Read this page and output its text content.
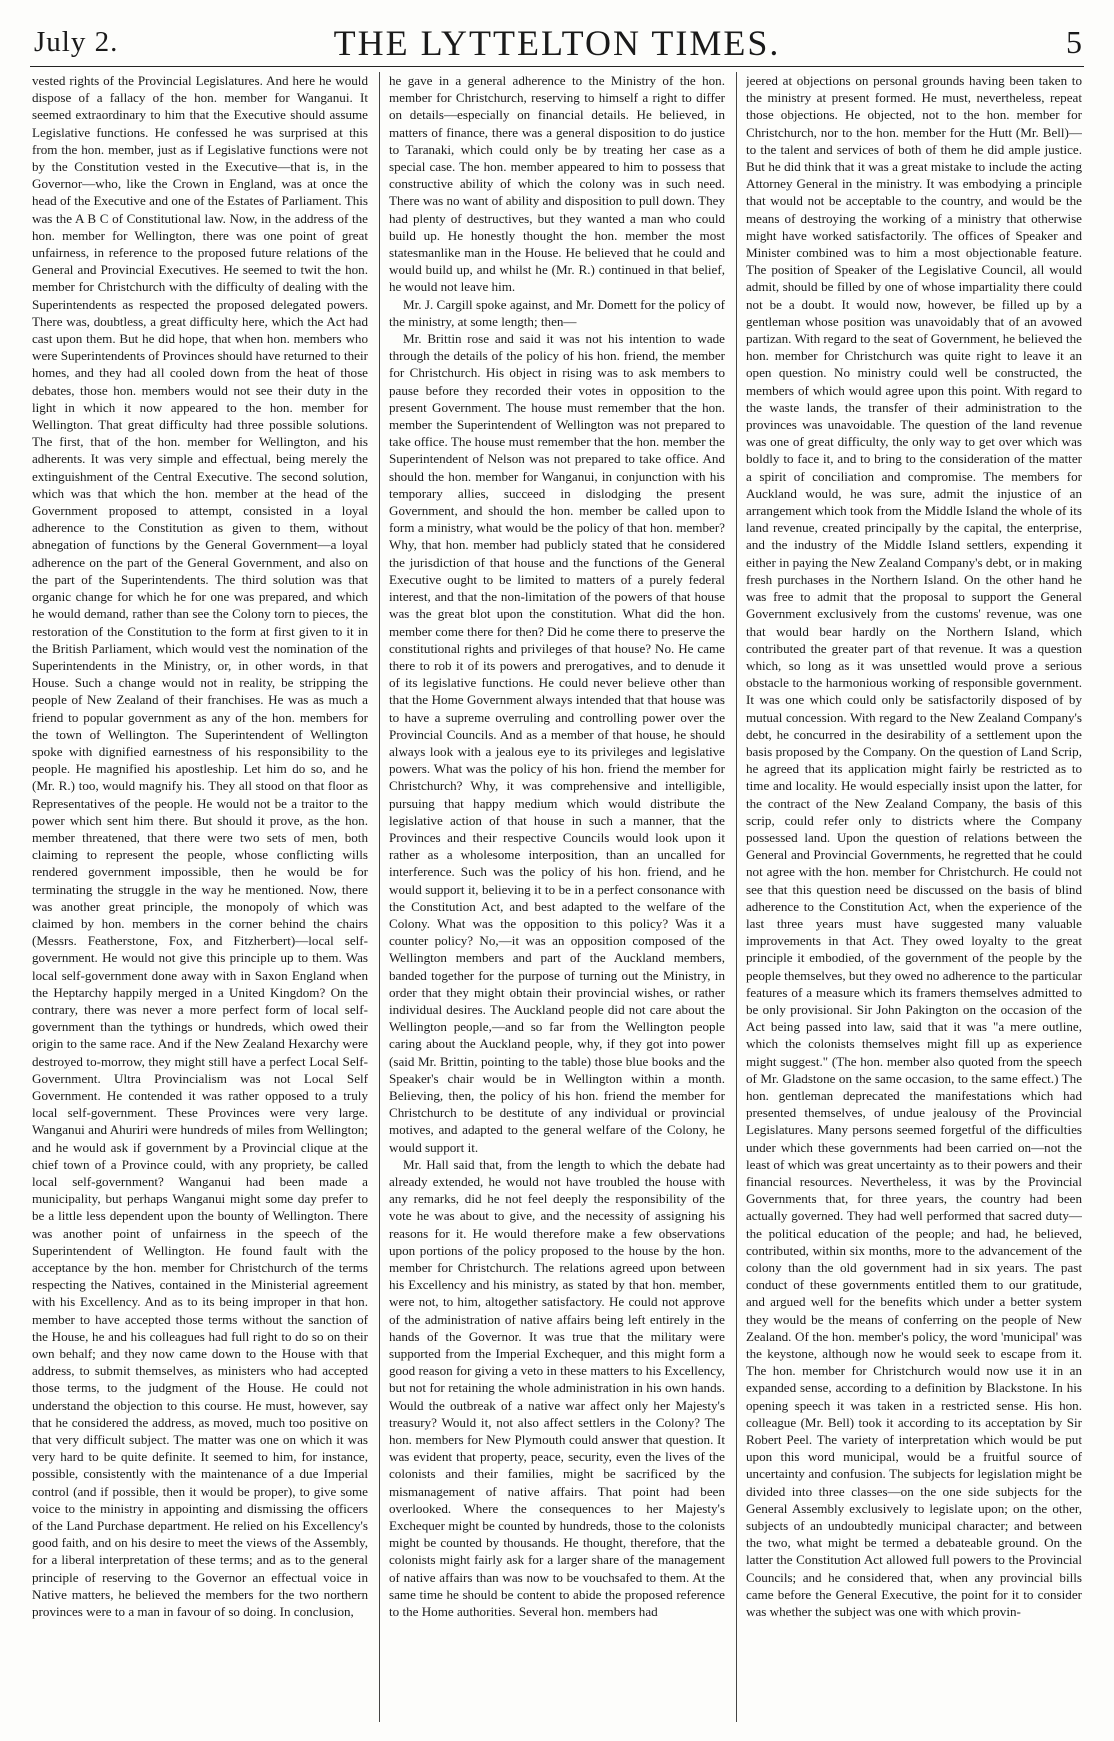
July 2.	THE LYTTELTON TIMES.	5

vested rights of the Provincial Legislatures. And here he would dispose of a fallacy of the hon. member for Wanganui. It seemed extraordinary to him that the Executive should assume Legislative functions. He confessed he was surprised at this from the hon. member, just as if Legislative functions were not by the Constitution vested in the Executive—that is, in the Governor—who, like the Crown in England, was at once the head of the Executive and one of the Estates of Parliament. This was the A B C of Constitutional law. Now, in the address of the hon. member for Wellington, there was one point of great unfairness, in reference to the proposed future relations of the General and Provincial Executives. He seemed to twit the hon. member for Christchurch with the difficulty of dealing with the Superintendents as respected the proposed delegated powers. There was, doubtless, a great difficulty here, which the Act had cast upon them. But he did hope, that when hon. members who were Superintendents of Provinces should have returned to their homes, and they had all cooled down from the heat of those debates, those hon. members would not see their duty in the light in which it now appeared to the hon. member for Wellington. That great difficulty had three possible solutions. The first, that of the hon. member for Wellington, and his adherents. It was very simple and effectual, being merely the extinguishment of the Central Executive. The second solution, which was that which the hon. member at the head of the Government proposed to attempt, consisted in a loyal adherence to the Constitution as given to them, without abnegation of functions by the General Government—a loyal adherence on the part of the General Government, and also on the part of the Superintendents. The third solution was that organic change for which he for one was prepared, and which he would demand, rather than see the Colony torn to pieces, the restoration of the Constitution to the form at first given to it in the British Parliament, which would vest the nomination of the Superintendents in the Ministry, or, in other words, in that House. Such a change would not in reality, be stripping the people of New Zealand of their franchises. He was as much a friend to popular government as any of the hon. members for the town of Wellington. The Superintendent of Wellington spoke with dignified earnestness of his responsibility to the people. He magnified his apostleship. Let him do so, and he (Mr. R.) too, would magnify his. They all stood on that floor as Representatives of the people. He would not be a traitor to the power which sent him there. But should it prove, as the hon. member threatened, that there were two sets of men, both claiming to represent the people, whose conflicting wills rendered government impossible, then he would be for terminating the struggle in the way he mentioned. Now, there was another great principle, the monopoly of which was claimed by hon. members in the corner behind the chairs (Messrs. Featherstone, Fox, and Fitzherbert)—local self-government. He would not give this principle up to them. Was local self-government done away with in Saxon England when the Heptarchy happily merged in a United Kingdom? On the contrary, there was never a more perfect form of local self-government than the tythings or hundreds, which owed their origin to the same race. And if the New Zealand Hexarchy were destroyed to-morrow, they might still have a perfect Local Self-Government. Ultra Provincialism was not Local Self Government. He contended it was rather opposed to a truly local self-government. These Provinces were very large. Wanganui and Ahuriri were hundreds of miles from Wellington; and he would ask if government by a Provincial clique at the chief town of a Province could, with any propriety, be called local self-government? Wanganui had been made a municipality, but perhaps Wanganui might some day prefer to be a little less dependent upon the bounty of Wellington. There was another point of unfairness in the speech of the Superintendent of Wellington. He found fault with the acceptance by the hon. member for Christchurch of the terms respecting the Natives, contained in the Ministerial agreement with his Excellency. And as to its being improper in that hon. member to have accepted those terms without the sanction of the House, he and his colleagues had full right to do so on their own behalf; and they now came down to the House with that address, to submit themselves, as ministers who had accepted those terms, to the judgment of the House. He could not understand the objection to this course. He must, however, say that he considered the address, as moved, much too positive on that very difficult subject. The matter was one on which it was very hard to be quite definite. It seemed to him, for instance, possible, consistently with the maintenance of a due Imperial control (and if possible, then it would be proper), to give some voice to the ministry in appointing and dismissing the officers of the Land Purchase department. He relied on his Excellency's good faith, and on his desire to meet the views of the Assembly, for a liberal interpretation of these terms; and as to the general principle of reserving to the Governor an effectual voice in Native matters, he believed the members for the two northern provinces were to a man in favour of so doing. In conclusion,

he gave in a general adherence to the Ministry of the hon. member for Christchurch, reserving to himself a right to differ on details—especially on financial details. He believed, in matters of finance, there was a general disposition to do justice to Taranaki, which could only be by treating her case as a special case. The hon. member appeared to him to possess that constructive ability of which the colony was in such need. There was no want of ability and disposition to pull down. They had plenty of destructives, but they wanted a man who could build up. He honestly thought the hon. member the most statesmanlike man in the House. He believed that he could and would build up, and whilst he (Mr. R.) continued in that belief, he would not leave him.

Mr. J. Cargill spoke against, and Mr. Domett for the policy of the ministry, at some length; then—

Mr. Brittin rose and said it was not his intention to wade through the details of the policy of his hon. friend, the member for Christchurch. His object in rising was to ask members to pause before they recorded their votes in opposition to the present Government. The house must remember that the hon. member the Superintendent of Wellington was not prepared to take office. The house must remember that the hon. member the Superintendent of Nelson was not prepared to take office. And should the hon. member for Wanganui, in conjunction with his temporary allies, succeed in dislodging the present Government, and should the hon. member be called upon to form a ministry, what would be the policy of that hon. member? Why, that hon. member had publicly stated that he considered the jurisdiction of that house and the functions of the General Executive ought to be limited to matters of a purely federal interest, and that the non-limitation of the powers of that house was the great blot upon the constitution. What did the hon. member come there for then? Did he come there to preserve the constitutional rights and privileges of that house? No. He came there to rob it of its powers and prerogatives, and to denude it of its legislative functions. He could never believe other than that the Home Government always intended that that house was to have a supreme overruling and controlling power over the Provincial Councils. And as a member of that house, he should always look with a jealous eye to its privileges and legislative powers. What was the policy of his hon. friend the member for Christchurch? Why, it was comprehensive and intelligible, pursuing that happy medium which would distribute the legislative action of that house in such a manner, that the Provinces and their respective Councils would look upon it rather as a wholesome interposition, than an uncalled for interference. Such was the policy of his hon. friend, and he would support it, believing it to be in a perfect consonance with the Constitution Act, and best adapted to the welfare of the Colony. What was the opposition to this policy? Was it a counter policy? No,—it was an opposition composed of the Wellington members and part of the Auckland members, banded together for the purpose of turning out the Ministry, in order that they might obtain their provincial wishes, or rather individual desires. The Auckland people did not care about the Wellington people,—and so far from the Wellington people caring about the Auckland people, why, if they got into power (said Mr. Brittin, pointing to the table) those blue books and the Speaker's chair would be in Wellington within a month. Believing, then, the policy of his hon. friend the member for Christchurch to be destitute of any individual or provincial motives, and adapted to the general welfare of the Colony, he would support it.

Mr. Hall said that, from the length to which the debate had already extended, he would not have troubled the house with any remarks, did he not feel deeply the responsibility of the vote he was about to give, and the necessity of assigning his reasons for it. He would therefore make a few observations upon portions of the policy proposed to the house by the hon. member for Christchurch. The relations agreed upon between his Excellency and his ministry, as stated by that hon. member, were not, to him, altogether satisfactory. He could not approve of the administration of native affairs being left entirely in the hands of the Governor. It was true that the military were supported from the Imperial Exchequer, and this might form a good reason for giving a veto in these matters to his Excellency, but not for retaining the whole administration in his own hands. Would the outbreak of a native war affect only her Majesty's treasury? Would it, not also affect settlers in the Colony? The hon. members for New Plymouth could answer that question. It was evident that property, peace, security, even the lives of the colonists and their families, might be sacrificed by the mismanagement of native affairs. That point had been overlooked. Where the consequences to her Majesty's Exchequer might be counted by hundreds, those to the colonists might be counted by thousands. He thought, therefore, that the colonists might fairly ask for a larger share of the management of native affairs than was now to be vouchsafed to them. At the same time he should be content to abide the proposed reference to the Home authorities. Several hon. members had

jeered at objections on personal grounds having been taken to the ministry at present formed. He must, nevertheless, repeat those objections. He objected, not to the hon. member for Christchurch, nor to the hon. member for the Hutt (Mr. Bell)—to the talent and services of both of them he did ample justice. But he did think that it was a great mistake to include the acting Attorney General in the ministry. It was embodying a principle that would not be acceptable to the country, and would be the means of destroying the working of a ministry that otherwise might have worked satisfactorily. The offices of Speaker and Minister combined was to him a most objectionable feature. The position of Speaker of the Legislative Council, all would admit, should be filled by one of whose impartiality there could not be a doubt. It would now, however, be filled up by a gentleman whose position was unavoidably that of an avowed partizan. With regard to the seat of Government, he believed the hon. member for Christchurch was quite right to leave it an open question. No ministry could well be constructed, the members of which would agree upon this point. With regard to the waste lands, the transfer of their administration to the provinces was unavoidable. The question of the land revenue was one of great difficulty, the only way to get over which was boldly to face it, and to bring to the consideration of the matter a spirit of conciliation and compromise. The members for Auckland would, he was sure, admit the injustice of an arrangement which took from the Middle Island the whole of its land revenue, created principally by the capital, the enterprise, and the industry of the Middle Island settlers, expending it either in paying the New Zealand Company's debt, or in making fresh purchases in the Northern Island. On the other hand he was free to admit that the proposal to support the General Government exclusively from the customs' revenue, was one that would bear hardly on the Northern Island, which contributed the greater part of that revenue. It was a question which, so long as it was unsettled would prove a serious obstacle to the harmonious working of responsible government. It was one which could only be satisfactorily disposed of by mutual concession. With regard to the New Zealand Company's debt, he concurred in the desirability of a settlement upon the basis proposed by the Company. On the question of Land Scrip, he agreed that its application might fairly be restricted as to time and locality. He would especially insist upon the latter, for the contract of the New Zealand Company, the basis of this scrip, could refer only to districts where the Company possessed land. Upon the question of relations between the General and Provincial Governments, he regretted that he could not agree with the hon. member for Christchurch. He could not see that this question need be discussed on the basis of blind adherence to the Constitution Act, when the experience of the last three years must have suggested many valuable improvements in that Act. They owed loyalty to the great principle it embodied, of the government of the people by the people themselves, but they owed no adherence to the particular features of a measure which its framers themselves admitted to be only provisional. Sir John Pakington on the occasion of the Act being passed into law, said that it was "a mere outline, which the colonists themselves might fill up as experience might suggest." (The hon. member also quoted from the speech of Mr. Gladstone on the same occasion, to the same effect.) The hon. gentleman deprecated the manifestations which had presented themselves, of undue jealousy of the Provincial Legislatures. Many persons seemed forgetful of the difficulties under which these governments had been carried on—not the least of which was great uncertainty as to their powers and their financial resources. Nevertheless, it was by the Provincial Governments that, for three years, the country had been actually governed. They had well performed that sacred duty—the political education of the people; and had, he believed, contributed, within six months, more to the advancement of the colony than the old government had in six years. The past conduct of these governments entitled them to our gratitude, and argued well for the benefits which under a better system they would be the means of conferring on the people of New Zealand. Of the hon. member's policy, the word 'municipal' was the keystone, although now he would seek to escape from it. The hon. member for Christchurch would now use it in an expanded sense, according to a definition by Blackstone. In his opening speech it was taken in a restricted sense. His hon. colleague (Mr. Bell) took it according to its acceptation by Sir Robert Peel. The variety of interpretation which would be put upon this word municipal, would be a fruitful source of uncertainty and confusion. The subjects for legislation might be divided into three classes—on the one side subjects for the General Assembly exclusively to legislate upon; on the other, subjects of an undoubtedly municipal character; and between the two, what might be termed a debateable ground. On the latter the Constitution Act allowed full powers to the Provincial Councils; and he considered that, when any provincial bills came before the General Executive, the point for it to consider was whether the subject was one with which provin-
